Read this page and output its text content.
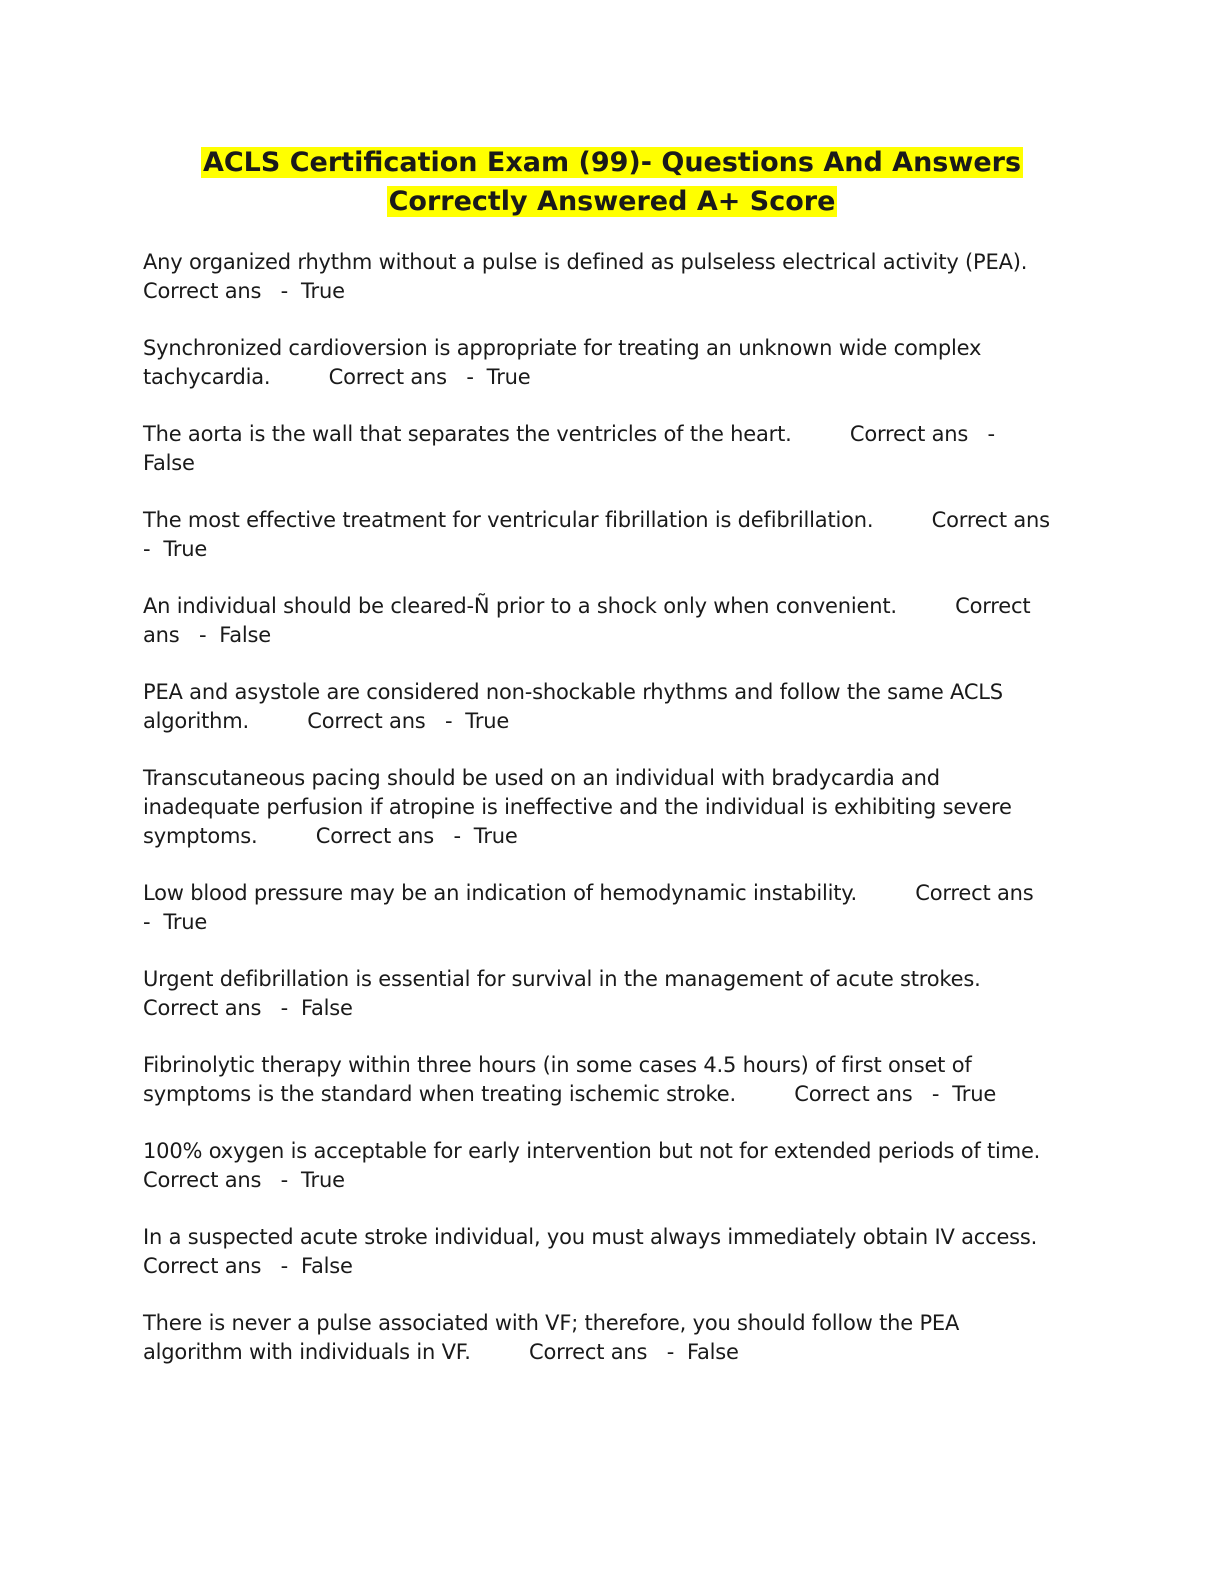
ACLS Certification Exam (99)- Questions And Answers
Correctly Answered A+ Score
Any organized rhythm without a pulse is defined as pulseless electrical activity (PEA).
Correct ans   -  True
Synchronized cardioversion is appropriate for treating an unknown wide complex
tachycardia.         Correct ans   -  True
The aorta is the wall that separates the ventricles of the heart.         Correct ans   -
False
The most effective treatment for ventricular fibrillation is defibrillation.         Correct ans
-  True
An individual should be cleared-Ñ prior to a shock only when convenient.         Correct
ans   -  False
PEA and asystole are considered non-shockable rhythms and follow the same ACLS
algorithm.         Correct ans   -  True
Transcutaneous pacing should be used on an individual with bradycardia and
inadequate perfusion if atropine is ineffective and the individual is exhibiting severe
symptoms.         Correct ans   -  True
Low blood pressure may be an indication of hemodynamic instability.         Correct ans
-  True
Urgent defibrillation is essential for survival in the management of acute strokes.
Correct ans   -  False
Fibrinolytic therapy within three hours (in some cases 4.5 hours) of first onset of
symptoms is the standard when treating ischemic stroke.         Correct ans   -  True
100% oxygen is acceptable for early intervention but not for extended periods of time.
Correct ans   -  True
In a suspected acute stroke individual, you must always immediately obtain IV access.
Correct ans   -  False
There is never a pulse associated with VF; therefore, you should follow the PEA
algorithm with individuals in VF.         Correct ans   -  False
